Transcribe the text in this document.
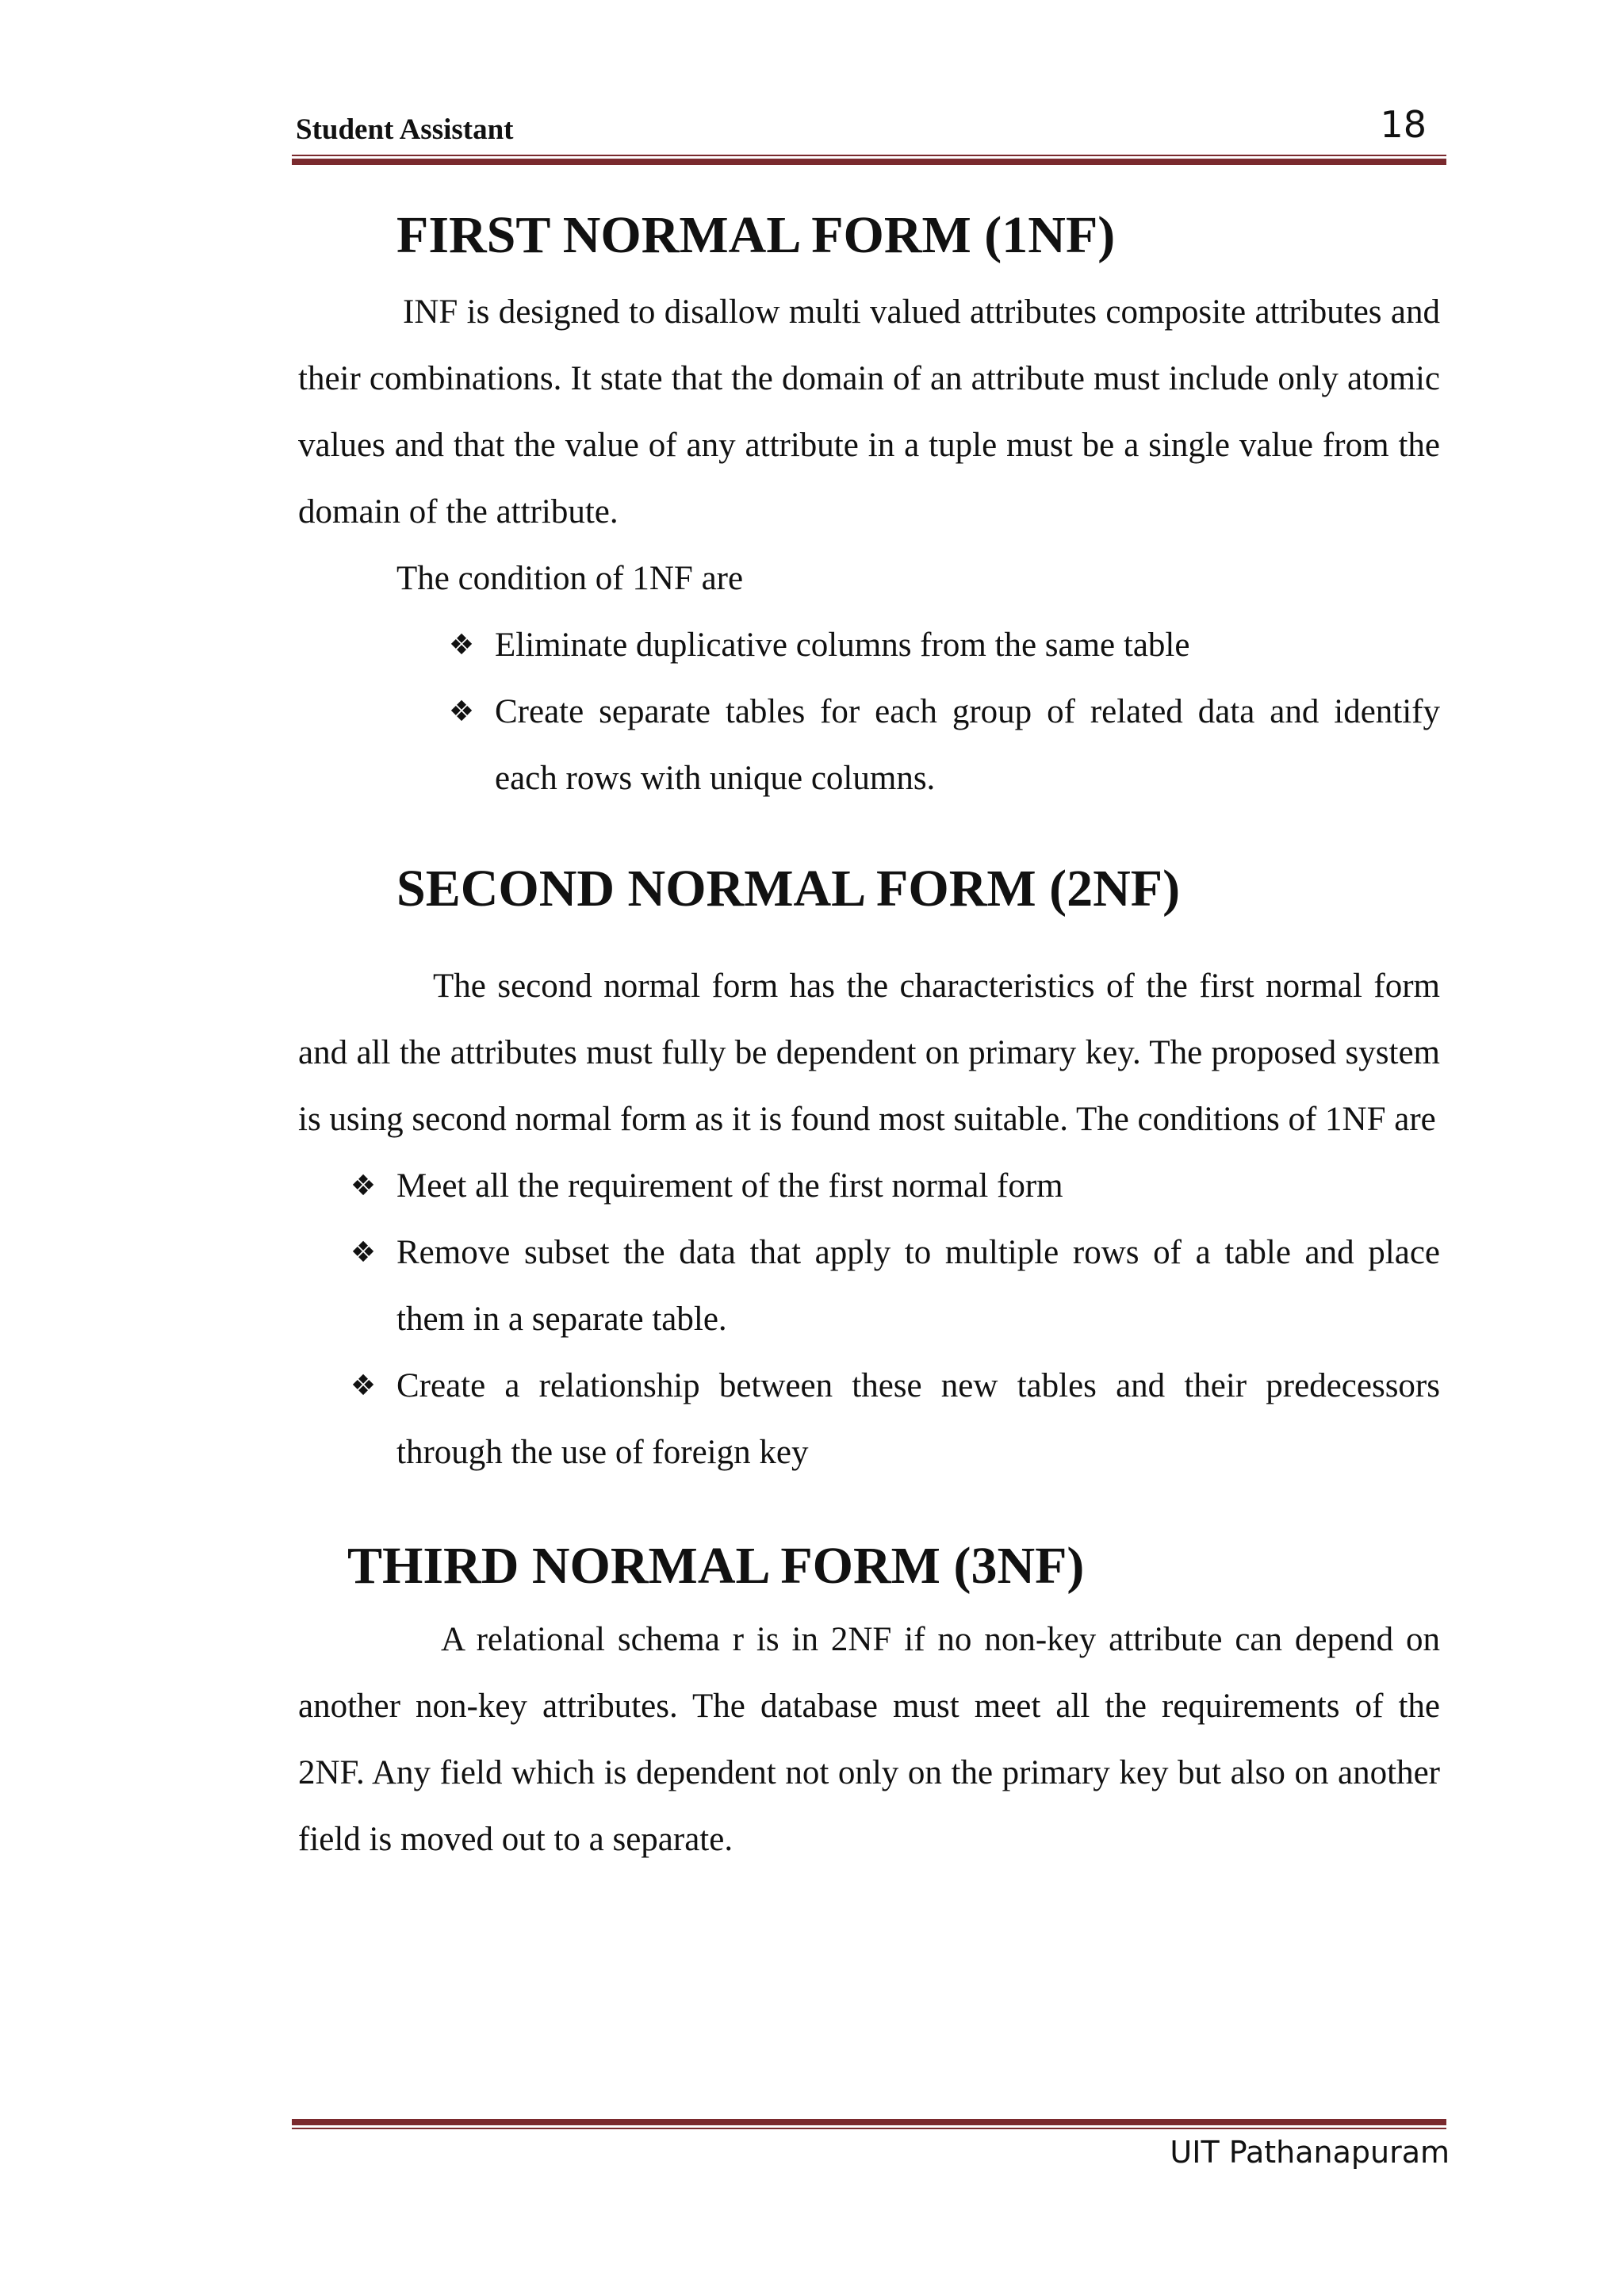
Student Assistant	18
FIRST NORMAL FORM (1NF)

INF is designed to disallow multi valued attributes composite attributes and their combinations. It state that the domain of an attribute must include only atomic values and that the value of any attribute in a tuple must be a single value from the domain of the attribute.

The condition of 1NF are

❖ Eliminate duplicative columns from the same table
❖ Create separate tables for each group of related data and identify each rows with unique columns.
SECOND NORMAL FORM (2NF)

The second normal form has the characteristics of the first normal form and all the attributes must fully be dependent on primary key. The proposed system is using second normal form as it is found most suitable. The conditions of 1NF are

❖ Meet all the requirement of the first normal form
❖ Remove subset the data that apply to multiple rows of a table and place them in a separate table.
❖ Create a relationship between these new tables and their predecessors through the use of foreign key
THIRD NORMAL FORM (3NF)

A relational schema r is in 2NF if no non-key attribute can depend on another non-key attributes. The database must meet all the requirements of the 2NF. Any field which is dependent not only on the primary key but also on another field is moved out to a separate.

UIT Pathanapuram
